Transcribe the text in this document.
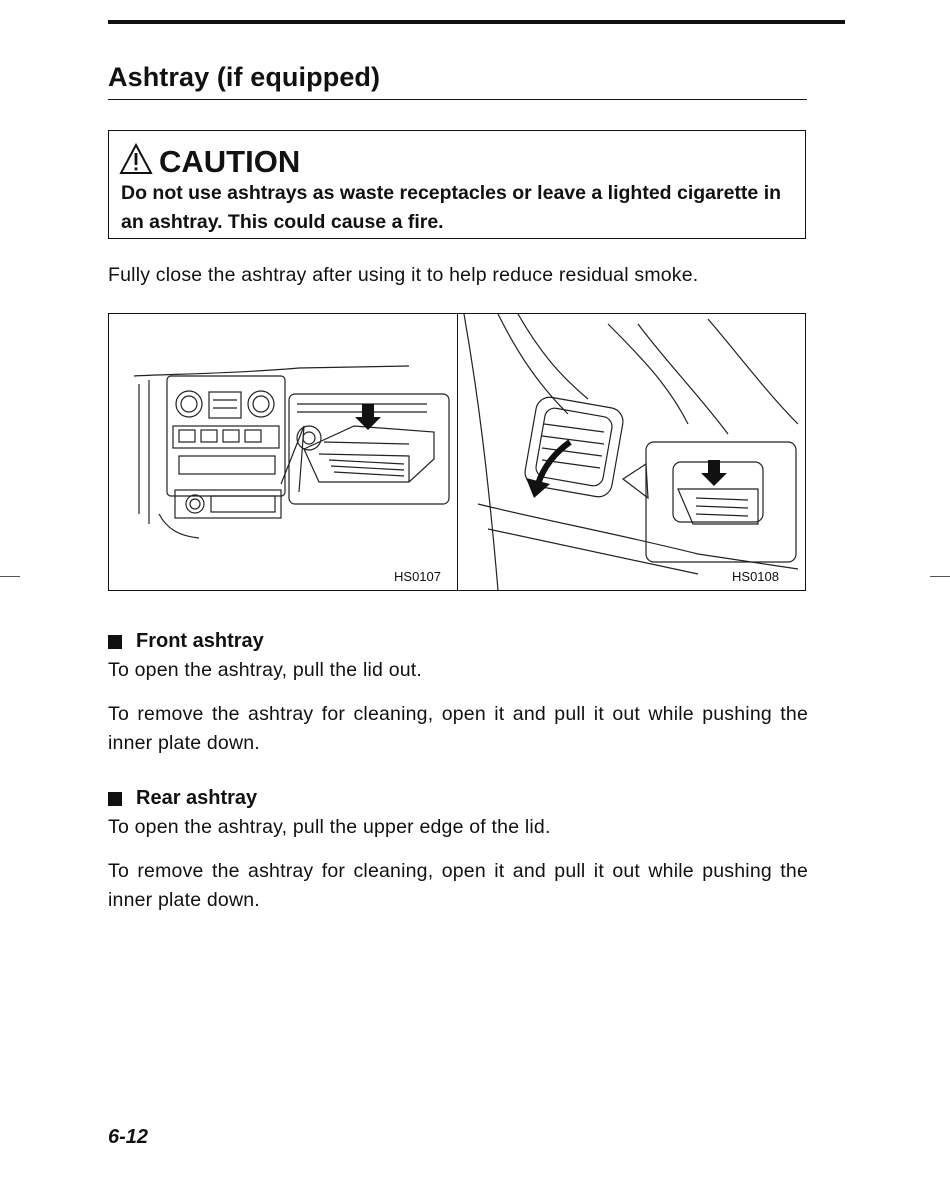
Ashtray (if equipped)
CAUTION

Do not use ashtrays as waste receptacles or leave a lighted cigarette in an ashtray. This could cause a fire.

Fully close the ashtray after using it to help reduce residual smoke.

HS0107	HS0108
Front ashtray

To open the ashtray, pull the lid out.

To remove the ashtray for cleaning, open it and pull it out while pushing the inner plate down.

Rear ashtray

To open the ashtray, pull the upper edge of the lid.

To remove the ashtray for cleaning, open it and pull it out while pushing the inner plate down.

6-12
